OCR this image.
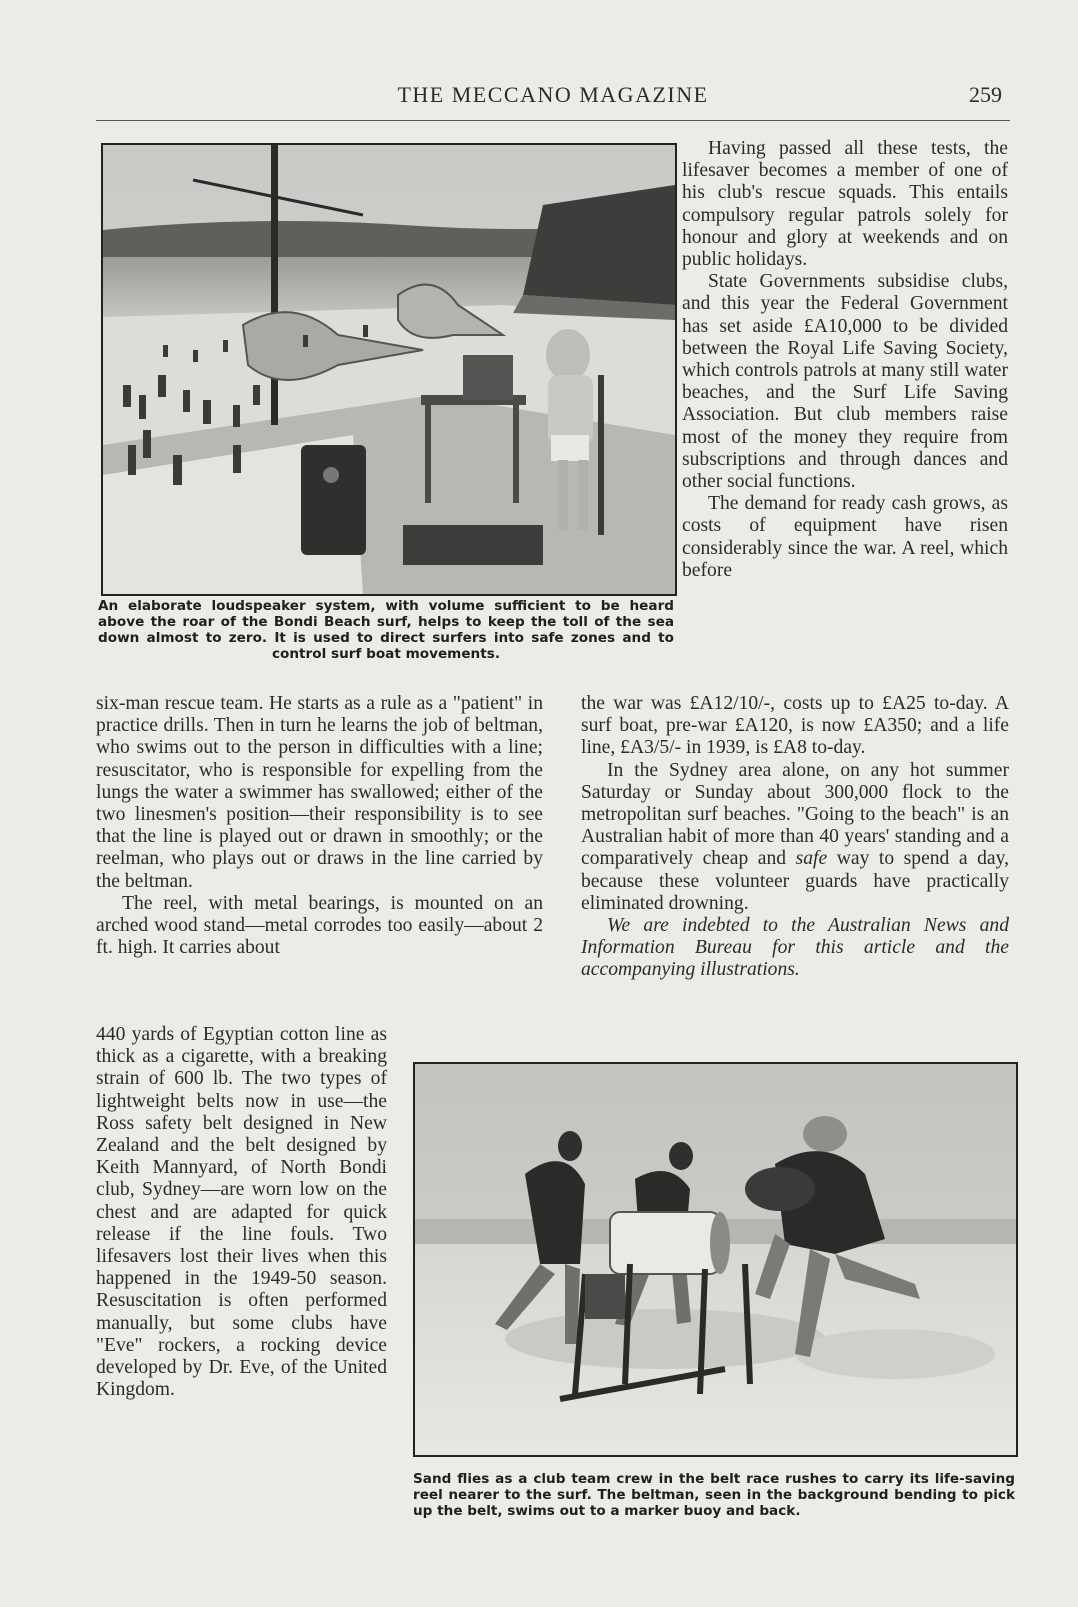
THE MECCANO MAGAZINE	259
An elaborate loudspeaker system, with volume sufficient to be heard above the roar of the Bondi Beach surf, helps to keep the toll of the sea down almost to zero. It is used to direct surfers into safe zones and to control surf boat movements.

Having passed all these tests, the lifesaver becomes a member of one of his club's rescue squads. This entails compulsory regular patrols solely for honour and glory at weekends and on public holidays.

State Governments subsidise clubs, and this year the Federal Government has set aside £A10,000 to be divided between the Royal Life Saving Society, which controls patrols at many still water beaches, and the Surf Life Saving Association. But club members raise most of the money they require from subscriptions and through dances and other social functions.

The demand for ready cash grows, as costs of equipment have risen considerably since the war. A reel, which before

six-man rescue team. He starts as a rule as a "patient" in practice drills. Then in turn he learns the job of beltman, who swims out to the person in difficulties with a line; resuscitator, who is responsible for expelling from the lungs the water a swimmer has swallowed; either of the two linesmen's position—their responsibility is to see that the line is played out or drawn in smoothly; or the reelman, who plays out or draws in the line carried by the beltman.

The reel, with metal bearings, is mounted on an arched wood stand—metal corrodes too easily—about 2 ft. high. It carries about

440 yards of Egyptian cotton line as thick as a cigarette, with a breaking strain of 600 lb. The two types of lightweight belts now in use—the Ross safety belt designed in New Zealand and the belt designed by Keith Mannyard, of North Bondi club, Sydney—are worn low on the chest and are adapted for quick release if the line fouls. Two lifesavers lost their lives when this happened in the 1949-50 season. Resuscitation is often performed manually, but some clubs have "Eve" rockers, a rocking device developed by Dr. Eve, of the United Kingdom.

the war was £A12/10/-, costs up to £A25 to-day. A surf boat, pre-war £A120, is now £A350; and a life line, £A3/5/- in 1939, is £A8 to-day.

In the Sydney area alone, on any hot summer Saturday or Sunday about 300,000 flock to the metropolitan surf beaches. "Going to the beach" is an Australian habit of more than 40 years' standing and a comparatively cheap and safe way to spend a day, because these volunteer guards have practically eliminated drowning.

We are indebted to the Australian News and Information Bureau for this article and the accompanying illustrations.

Sand flies as a club team crew in the belt race rushes to carry its life-saving reel nearer to the surf. The beltman, seen in the background bending to pick up the belt, swims out to a marker buoy and back.
